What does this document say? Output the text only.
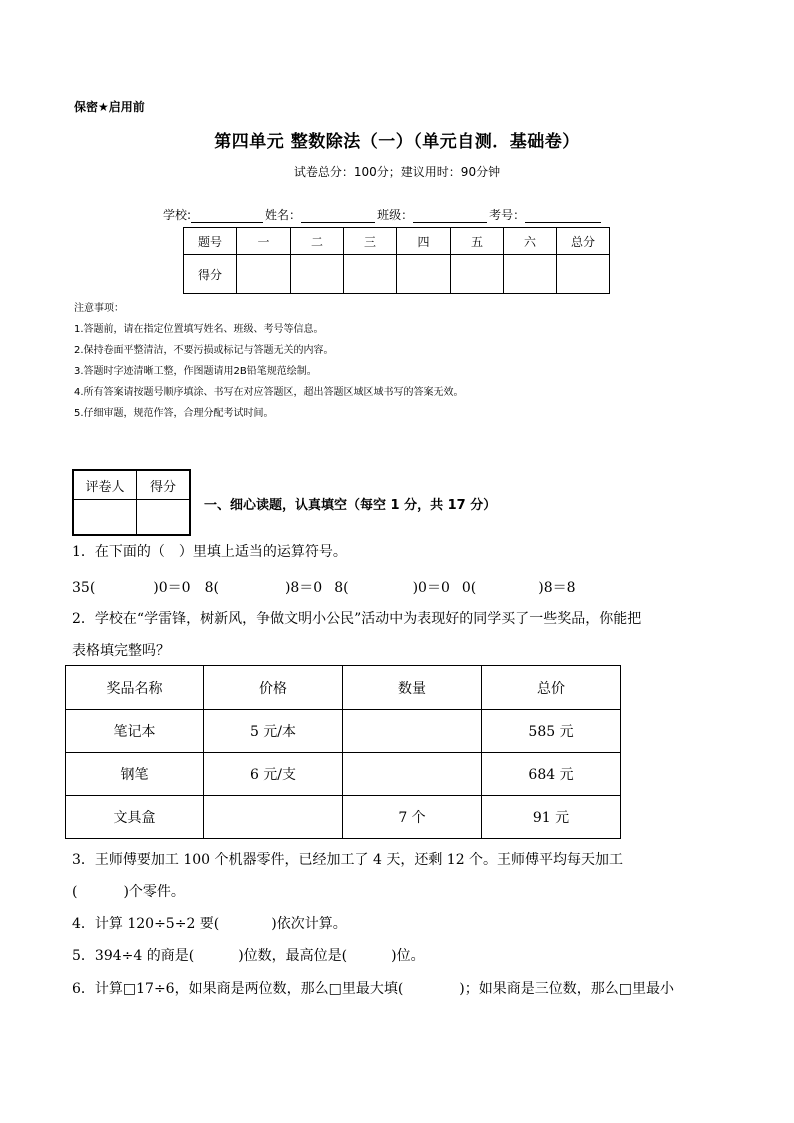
保密★启用前
第四单元 整数除法（一）（单元自测．基础卷）
试卷总分：100分；建议用时：90分钟
学校:	姓名：	班级：	考号：
题号	一	二	三	四	五	六	总分
得分							
注意事项：
1.答题前，请在指定位置填写姓名、班级、考号等信息。
2.保持卷面平整清洁，不要污损或标记与答题无关的内容。
3.答题时字迹清晰工整，作图题请用2B铅笔规范绘制。
4.所有答案请按题号顺序填涂、书写在对应答题区，超出答题区域区域书写的答案无效。
5.仔细审题，规范作答，合理分配考试时间。
评卷人	得分

一、细心读题，认真填空（每空 1 分，共 17 分）
1．在下面的（　）里填上适当的运算符号。
35(	)0＝0 8(	)8＝0 8(	)0＝0 0(	)8＝8
2．学校在“学雷锋，树新风，争做文明小公民”活动中为表现好的同学买了一些奖品，你能把
表格填完整吗？
奖品名称	价格	数量	总价
笔记本	5 元/本		585 元
钢笔	6 元/支		684 元
文具盒		7 个	91 元
3．王师傅要加工 100 个机器零件，已经加工了 4 天，还剩 12 个。王师傅平均每天加工
(	)个零件。
4．计算 120÷5÷2 要(	)依次计算。
5．394÷4 的商是(	)位数，最高位是(	)位。
6．计算□17÷6，如果商是两位数，那么□里最大填(	)；如果商是三位数，那么□里最小
